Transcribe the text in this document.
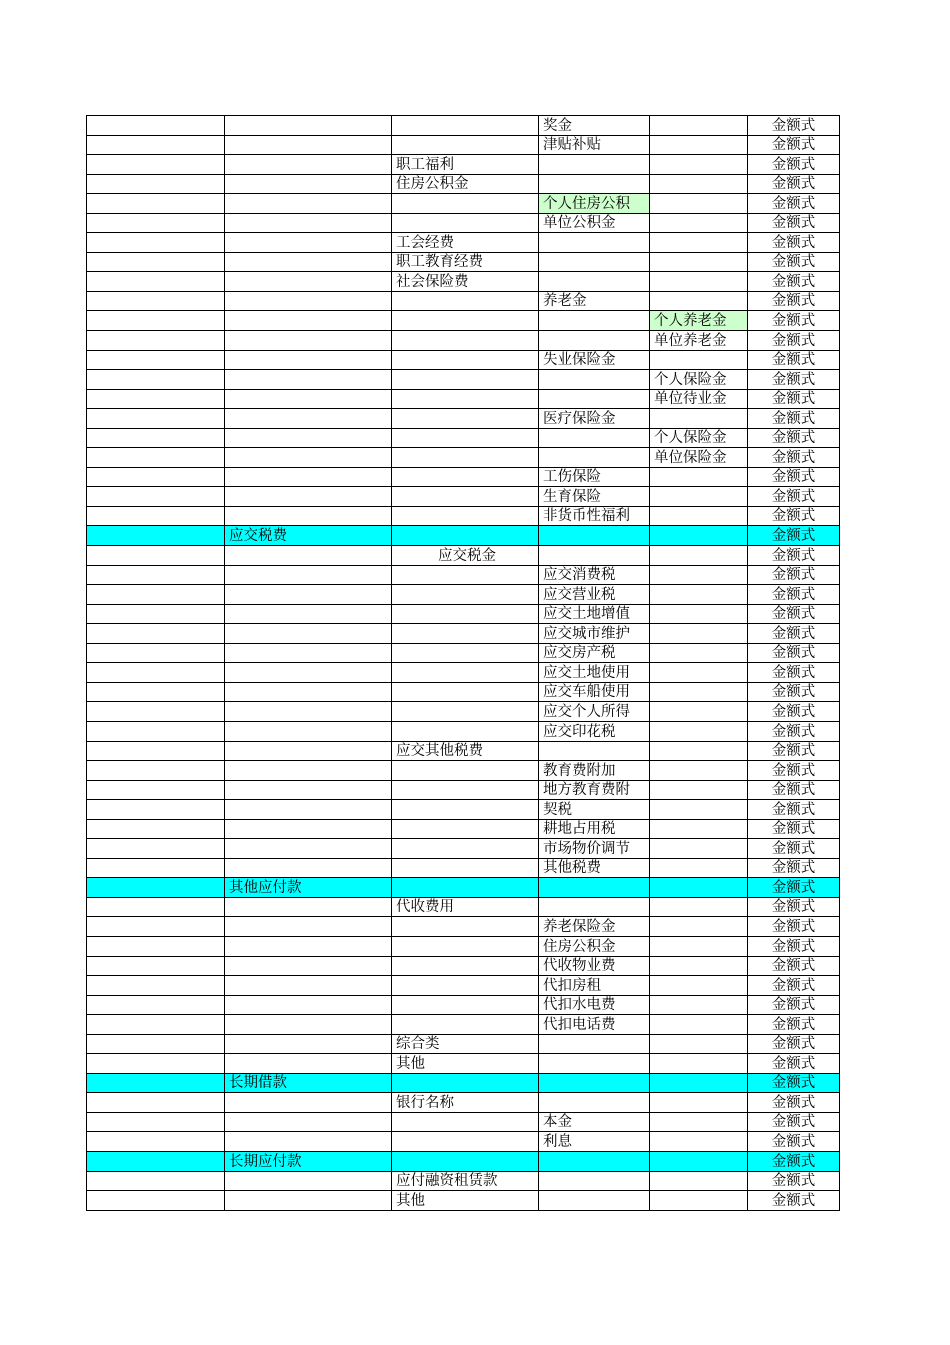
			奖金		金额式
			津贴补贴		金额式
		职工福利			金额式
		住房公积金			金额式
			个人住房公积		金额式
			单位公积金		金额式
		工会经费			金额式
		职工教育经费			金额式
		社会保险费			金额式
			养老金		金额式
				个人养老金	金额式
				单位养老金	金额式
			失业保险金		金额式
				个人保险金	金额式
				单位待业金	金额式
			医疗保险金		金额式
				个人保险金	金额式
				单位保险金	金额式
			工伤保险		金额式
			生育保险		金额式
			非货币性福利		金额式
	应交税费				金额式
		应交税金			金额式
			应交消费税		金额式
			应交营业税		金额式
			应交土地增值		金额式
			应交城市维护		金额式
			应交房产税		金额式
			应交土地使用		金额式
			应交车船使用		金额式
			应交个人所得		金额式
			应交印花税		金额式
		应交其他税费			金额式
			教育费附加		金额式
			地方教育费附		金额式
			契税		金额式
			耕地占用税		金额式
			市场物价调节		金额式
			其他税费		金额式
	其他应付款				金额式
		代收费用			金额式
			养老保险金		金额式
			住房公积金		金额式
			代收物业费		金额式
			代扣房租		金额式
			代扣水电费		金额式
			代扣电话费		金额式
		综合类			金额式
		其他			金额式
	长期借款				金额式
		银行名称			金额式
			本金		金额式
			利息		金额式
	长期应付款				金额式
		应付融资租赁款			金额式
		其他			金额式
